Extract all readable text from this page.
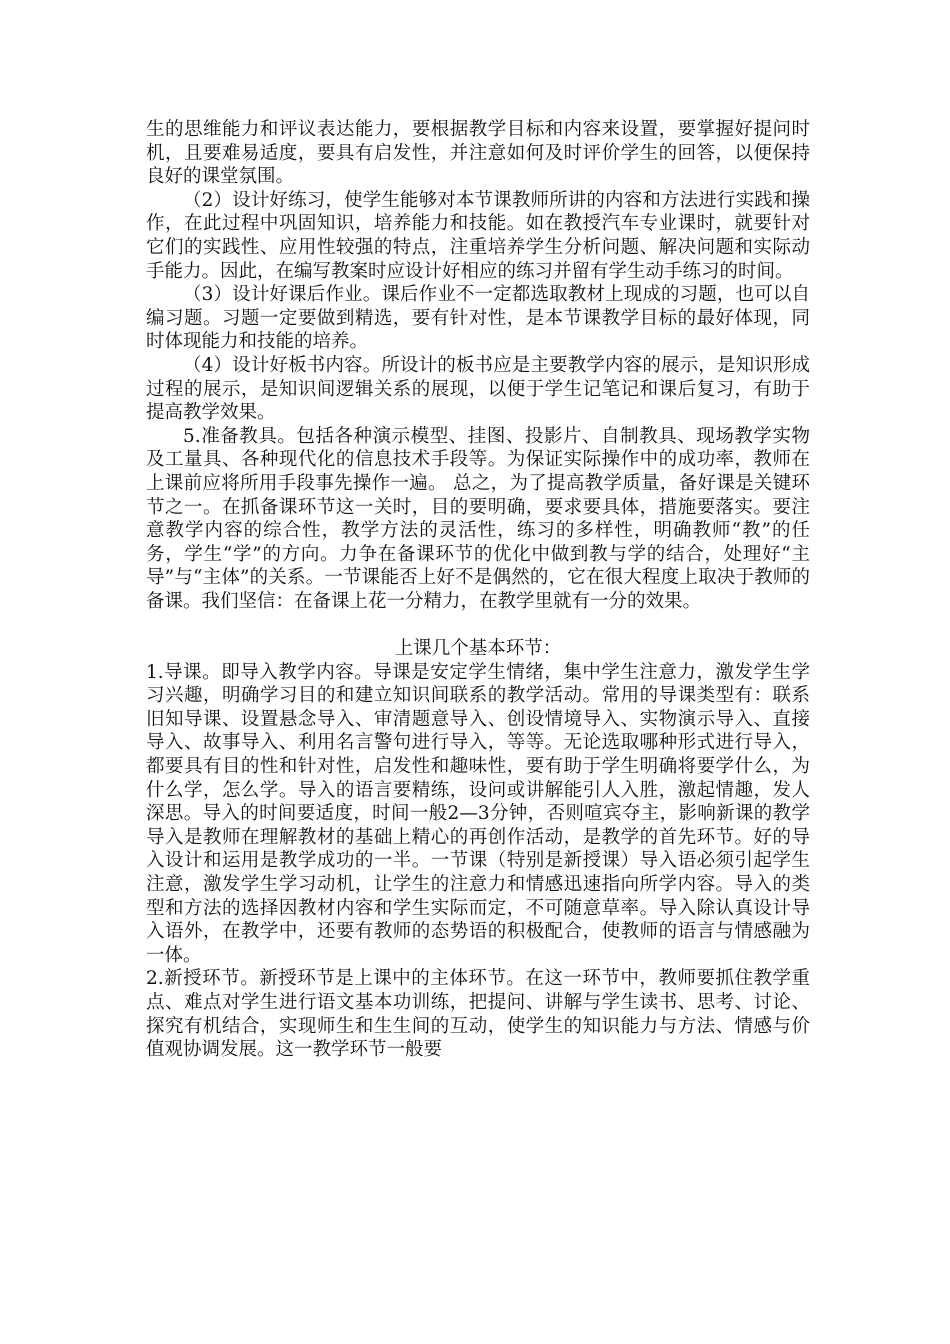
生的思维能力和评议表达能力，要根据教学目标和内容来设置，要掌握好提问时机，且要难易适度，要具有启发性，并注意如何及时评价学生的回答，以便保持良好的课堂氛围。

（2）设计好练习，使学生能够对本节课教师所讲的内容和方法进行实践和操作，在此过程中巩固知识，培养能力和技能。如在教授汽车专业课时，就要针对它们的实践性、应用性较强的特点，注重培养学生分析问题、解决问题和实际动手能力。因此，在编写教案时应设计好相应的练习并留有学生动手练习的时间。

（3）设计好课后作业。课后作业不一定都选取教材上现成的习题，也可以自编习题。习题一定要做到精选，要有针对性，是本节课教学目标的最好体现，同时体现能力和技能的培养。

（4）设计好板书内容。所设计的板书应是主要教学内容的展示，是知识形成过程的展示，是知识间逻辑关系的展现，以便于学生记笔记和课后复习，有助于提高教学效果。

5.准备教具。包括各种演示模型、挂图、投影片、自制教具、现场教学实物及工量具、各种现代化的信息技术手段等。为保证实际操作中的成功率，教师在上课前应将所用手段事先操作一遍。 总之，为了提高教学质量，备好课是关键环节之一。在抓备课环节这一关时，目的要明确，要求要具体，措施要落实。要注意教学内容的综合性，教学方法的灵活性，练习的多样性，明确教师“教”的任务，学生“学”的方向。力争在备课环节的优化中做到教与学的结合，处理好“主导”与“主体”的关系。一节课能否上好不是偶然的，它在很大程度上取决于教师的备课。我们坚信：在备课上花一分精力，在教学里就有一分的效果。

上课几个基本环节：

1.导课。即导入教学内容。导课是安定学生情绪，集中学生注意力，激发学生学习兴趣，明确学习目的和建立知识间联系的教学活动。常用的导课类型有：联系旧知导课、设置悬念导入、审清题意导入、创设情境导入、实物演示导入、直接导入、故事导入、利用名言警句进行导入，等等。无论选取哪种形式进行导入，都要具有目的性和针对性，启发性和趣味性，要有助于学生明确将要学什么，为什么学，怎么学。导入的语言要精练，设问或讲解能引人入胜，激起情趣，发人深思。导入的时间要适度，时间一般2—3分钟，否则喧宾夺主，影响新课的教学导入是教师在理解教材的基础上精心的再创作活动，是教学的首先环节。好的导入设计和运用是教学成功的一半。一节课（特别是新授课）导入语必须引起学生注意，激发学生学习动机，让学生的注意力和情感迅速指向所学内容。导入的类型和方法的选择因教材内容和学生实际而定，不可随意草率。导入除认真设计导入语外，在教学中，还要有教师的态势语的积极配合，使教师的语言与情感融为一体。

2.新授环节。新授环节是上课中的主体环节。在这一环节中，教师要抓住教学重点、难点对学生进行语文基本功训练，把提问、讲解与学生读书、思考、讨论、探究有机结合，实现师生和生生间的互动，使学生的知识能力与方法、情感与价值观协调发展。这一教学环节一般要
